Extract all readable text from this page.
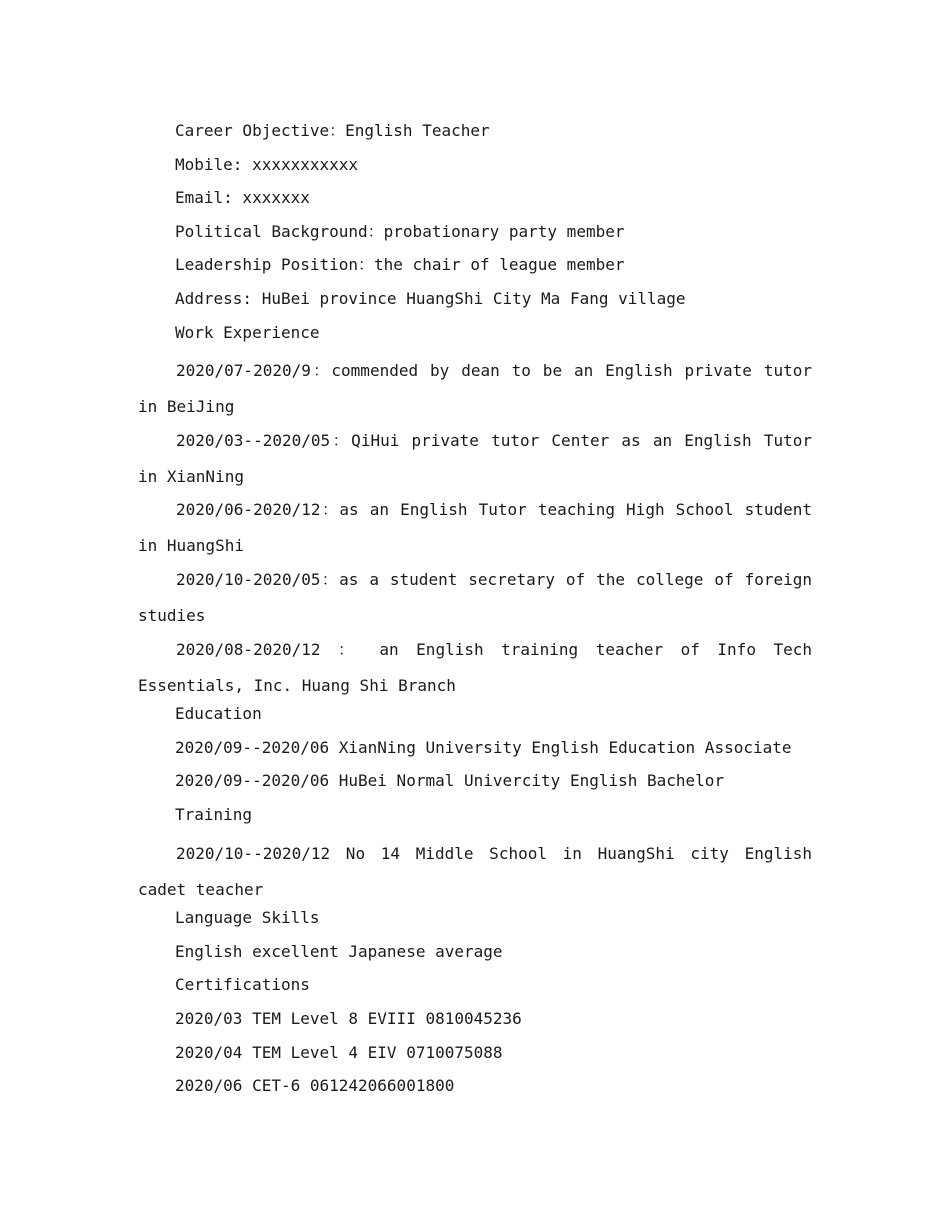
Career Objective：English Teacher
Mobile: xxxxxxxxxxx
Email: xxxxxxx
Political Background：probationary party member
Leadership Position：the chair of league member
Address: HuBei province HuangShi City Ma Fang village
Work Experience
2020/07-2020/9：commended by dean to be an English private tutor in BeiJing
2020/03--2020/05：QiHui private tutor Center as an English Tutor in XianNing
2020/06-2020/12：as an English Tutor teaching High School student in HuangShi
2020/10-2020/05：as a student secretary of the college of foreign studies
2020/08-2020/12 ： an English training teacher of Info Tech Essentials, Inc. Huang Shi Branch
Education
2020/09--2020/06 XianNing University English Education Associate
2020/09--2020/06 HuBei Normal Univercity English Bachelor
Training
2020/10--2020/12 No 14 Middle School in HuangShi city English cadet teacher
Language Skills
English excellent Japanese average
Certifications
2020/03 TEM Level 8 EVIII 0810045236
2020/04 TEM Level 4 EIV 0710075088
2020/06 CET-6 061242066001800
